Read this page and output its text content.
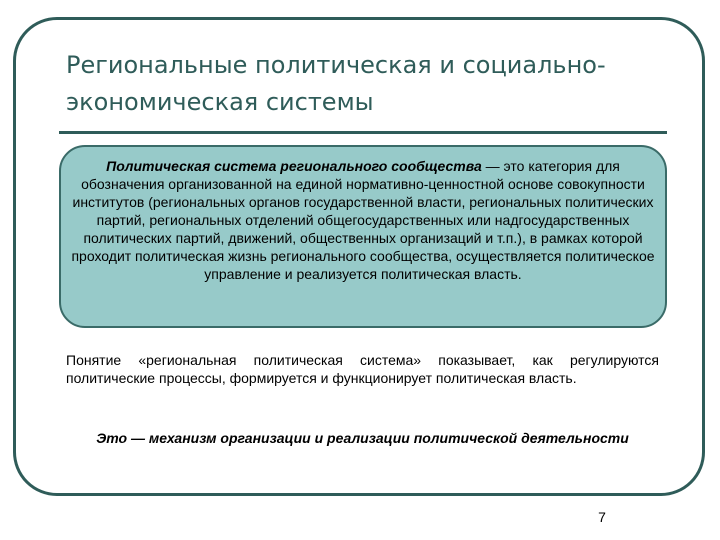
Региональные политическая и социально-экономическая системы
Политическая система регионального сообщества — это категория для обозначения организованной на единой нормативно-ценностной основе совокупности институтов (региональных органов государственной власти, региональных политических партий, региональных отделений общегосударственных или надгосударственных политических партий, движений, общественных организаций и т.п.), в рамках которой проходит политическая жизнь регионального сообщества, осуществляется политическое управление и реализуется политическая власть.

Понятие «региональная политическая система» показывает, как регулируются политические процессы, формируется и функционирует политическая власть.

Это — механизм организации и реализации политической деятельности

7
